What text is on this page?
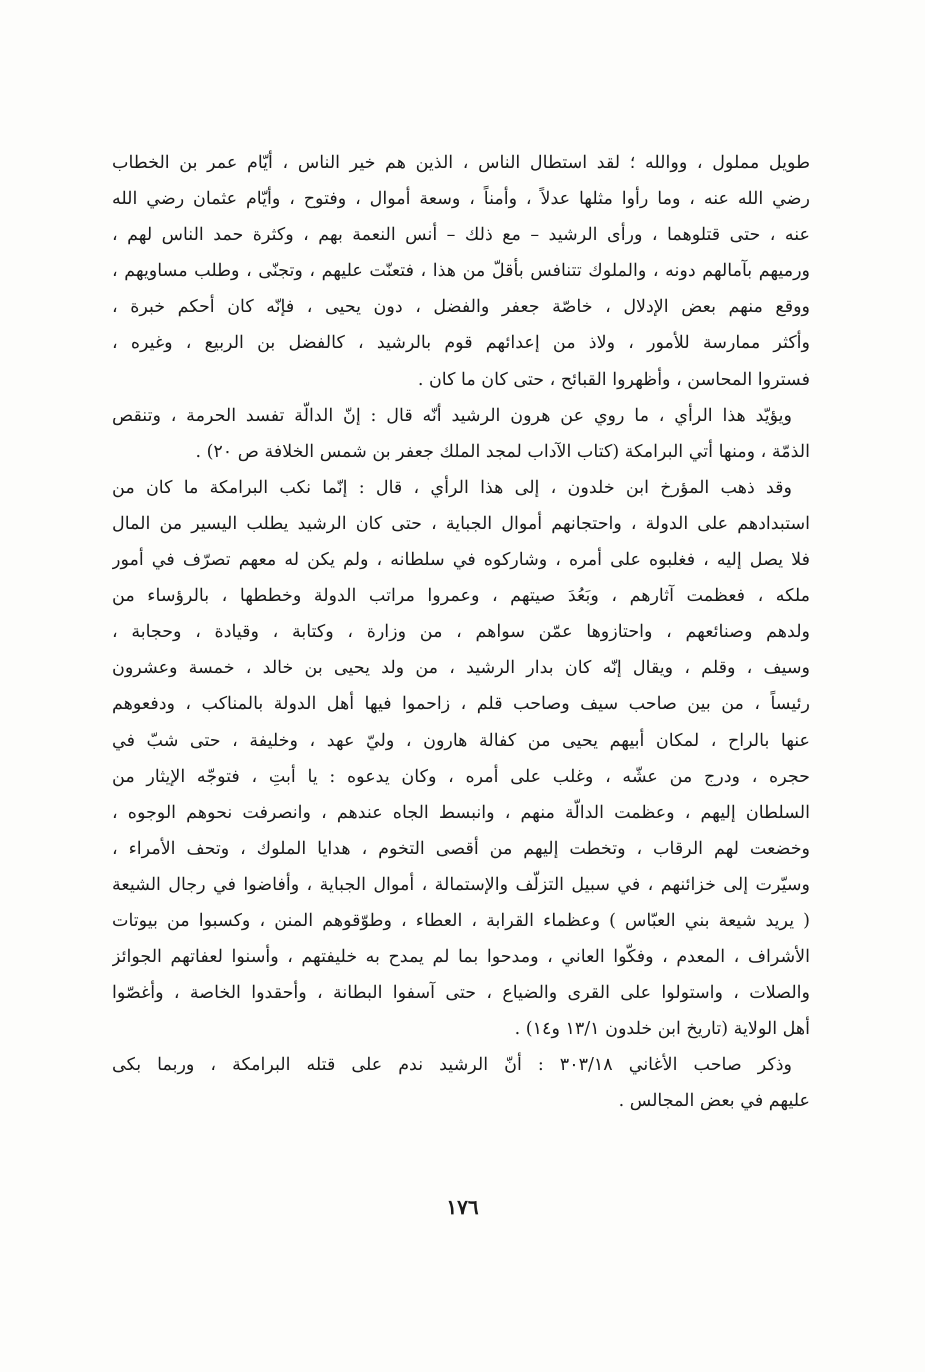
طويل مملول ، ووالله ؛ لقد استطال الناس ، الذين هم خير الناس ، أيّام عمر بن الخطاب
رضي الله عنه ، وما رأوا مثلها عدلاً ، وأمناً ، وسعة أموال ، وفتوح ، وأيّام عثمان رضي الله
عنه ، حتى قتلوهما ، ورأى الرشيد – مع ذلك – أنس النعمة بهم ، وكثرة حمد الناس لهم ،
ورميهم بآمالهم دونه ، والملوك تتنافس بأقلّ من هذا ، فتعنّت عليهم ، وتجنّى ، وطلب مساويهم ،
ووقع منهم بعض الإدلال ، خاصّة جعفر والفضل ، دون يحيى ، فإنّه كان أحكم خبرة ،
وأكثر ممارسة للأمور ، ولاذ من إعدائهم قوم بالرشيد ، كالفضل بن الربيع ، وغيره ،
فستروا المحاسن ، وأظهروا القبائح ، حتى كان ما كان .
ويؤيّد هذا الرأي ، ما روي عن هرون الرشيد أنّه قال : إنّ الدالّة تفسد الحرمة ، وتنقص
الذمّة ، ومنها أتي البرامكة (كتاب الآداب لمجد الملك جعفر بن شمس الخلافة ص ٢٠) .
وقد ذهب المؤرخ ابن خلدون ، إلى هذا الرأي ، قال : إنّما نكب البرامكة ما كان من
استبدادهم على الدولة ، واحتجانهم أموال الجباية ، حتى كان الرشيد يطلب اليسير من المال
فلا يصل إليه ، فغلبوه على أمره ، وشاركوه في سلطانه ، ولم يكن له معهم تصرّف في أمور
ملكه ، فعظمت آثارهم ، وبَعُدَ صيتهم ، وعمروا مراتب الدولة وخططها ، بالرؤساء من
ولدهم وصنائعهم ، واحتازوها عمّن سواهم ، من وزارة ، وكتابة ، وقيادة ، وحجابة ،
وسيف ، وقلم ، ويقال إنّه كان بدار الرشيد ، من ولد يحيى بن خالد ، خمسة وعشرون
رئيساً ، من بين صاحب سيف وصاحب قلم ، زاحموا فيها أهل الدولة بالمناكب ، ودفعوهم
عنها بالراح ، لمكان أبيهم يحيى من كفالة هارون ، وليّ عهد ، وخليفة ، حتى شبّ في
حجره ، ودرج من عشّه ، وغلب على أمره ، وكان يدعوه : يا أبتِ ، فتوجّه الإيثار من
السلطان إليهم ، وعظمت الدالّة منهم ، وانبسط الجاه عندهم ، وانصرفت نحوهم الوجوه ،
وخضعت لهم الرقاب ، وتخطت إليهم من أقصى التخوم ، هدايا الملوك ، وتحف الأمراء ،
وسيّرت إلى خزائنهم ، في سبيل التزلّف والإستمالة ، أموال الجباية ، وأفاضوا في رجال الشيعة
( يريد شيعة بني العبّاس ) وعظماء القرابة ، العطاء ، وطوّقوهم المنن ، وكسبوا من بيوتات
الأشراف ، المعدم ، وفكّوا العاني ، ومدحوا بما لم يمدح به خليفتهم ، وأسنوا لعفاتهم الجوائز
والصلات ، واستولوا على القرى والضياع ، حتى آسفوا البطانة ، وأحقدوا الخاصة ، وأغصّوا
أهل الولاية (تاريخ ابن خلدون ١٣/١ و١٤) .
وذكر صاحب الأغاني ٣٠٣/١٨ : أنّ الرشيد ندم على قتله البرامكة ، وربما بكى
عليهم في بعض المجالس .
١٧٦
